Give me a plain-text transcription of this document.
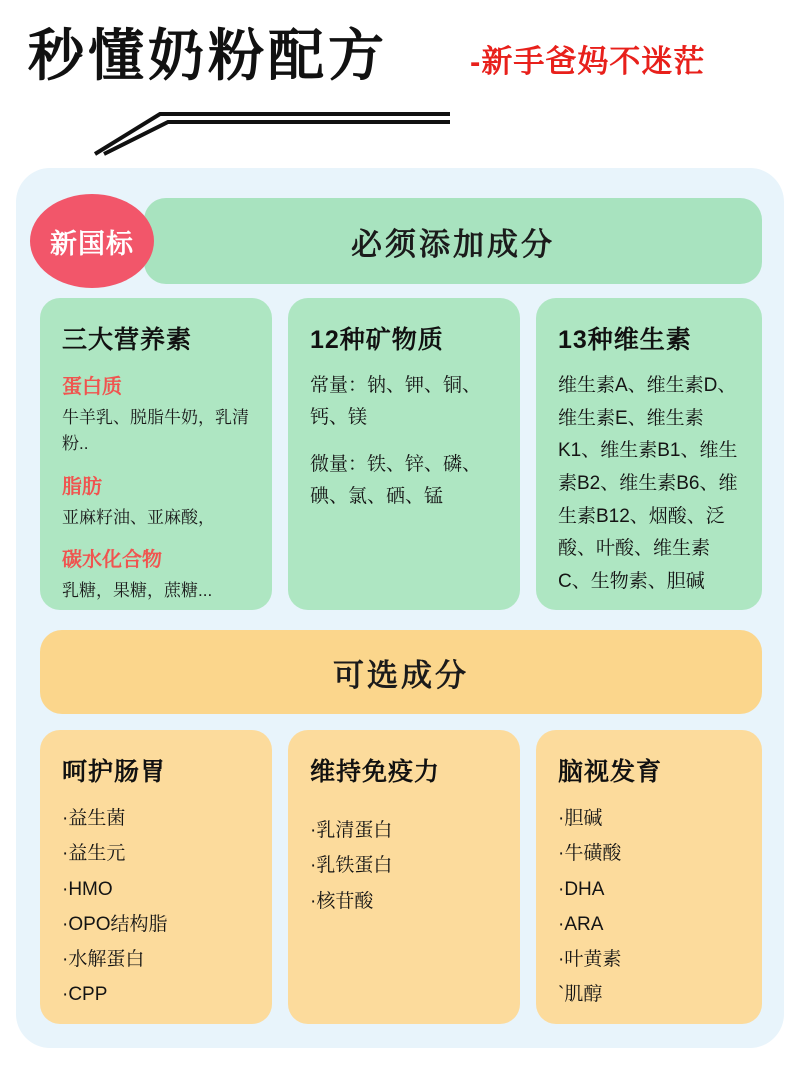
秒懂奶粉配方	-新手爸妈不迷茫
新国标	必须添加成分
三大营养素
蛋白质
牛羊乳、脱脂牛奶，乳清粉..
脂肪
亚麻籽油、亚麻酸，
碳水化合物
乳糖，果糖，蔗糖...
12种矿物质
常量：钠、钾、铜、钙、镁
微量：铁、锌、磷、碘、氯、硒、锰
13种维生素
维生素A、维生素D、维生素E、维生素K1、维生素B1、维生素B2、维生素B6、维生素B12、烟酸、泛酸、叶酸、维生素C、生物素、胆碱
可选成分
呵护肠胃
·益生菌
·益生元
·HMO
·OPO结构脂
·水解蛋白
·CPP
维持免疫力
·乳清蛋白
·乳铁蛋白
·核苷酸
脑视发育
·胆碱
·牛磺酸
·DHA
·ARA
·叶黄素
`肌醇
